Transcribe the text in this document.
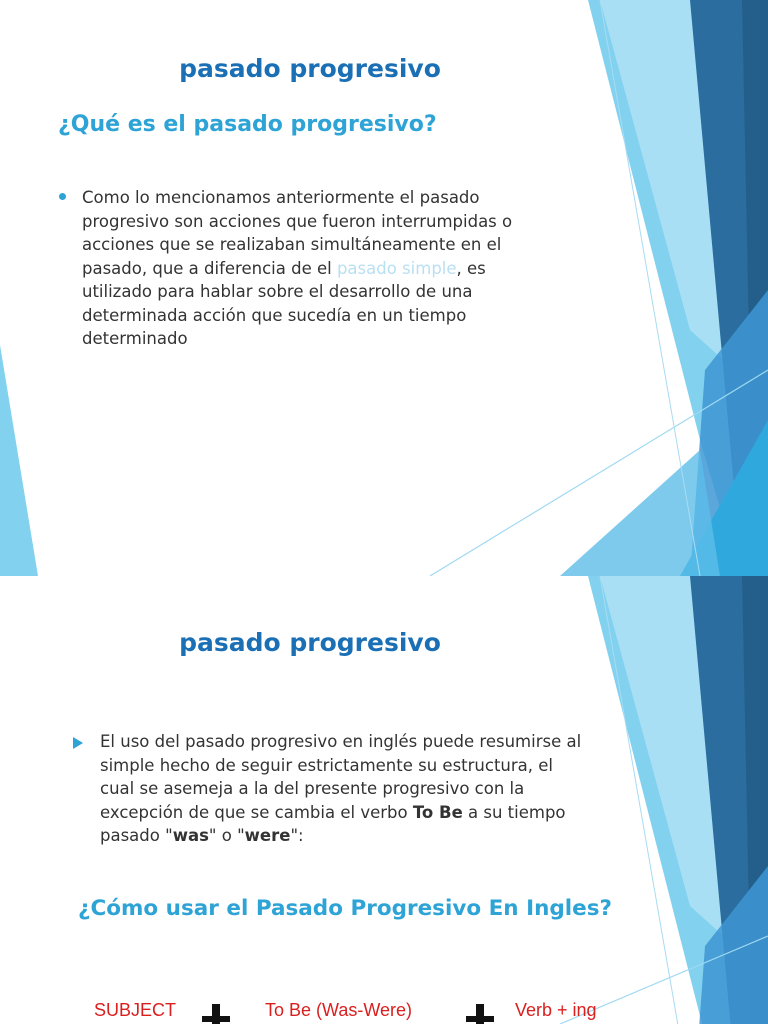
pasado progresivo
¿Qué es el pasado progresivo?

Como lo mencionamos anteriormente el pasado progresivo son acciones que fueron interrumpidas o acciones que se realizaban simultáneamente en el pasado, que a diferencia de el pasado simple, es utilizado para hablar sobre el desarrollo de una determinada acción que sucedía en un tiempo determinado

pasado progresivo

El uso del pasado progresivo en inglés puede resumirse al simple hecho de seguir estrictamente su estructura, el cual se asemeja a la del presente progresivo con la excepción de que se cambia el verbo To Be a su tiempo pasado "was" o "were":

¿Cómo usar el Pasado Progresivo En Ingles?
SUBJECT	To Be (Was-Were)	Verb + ing
